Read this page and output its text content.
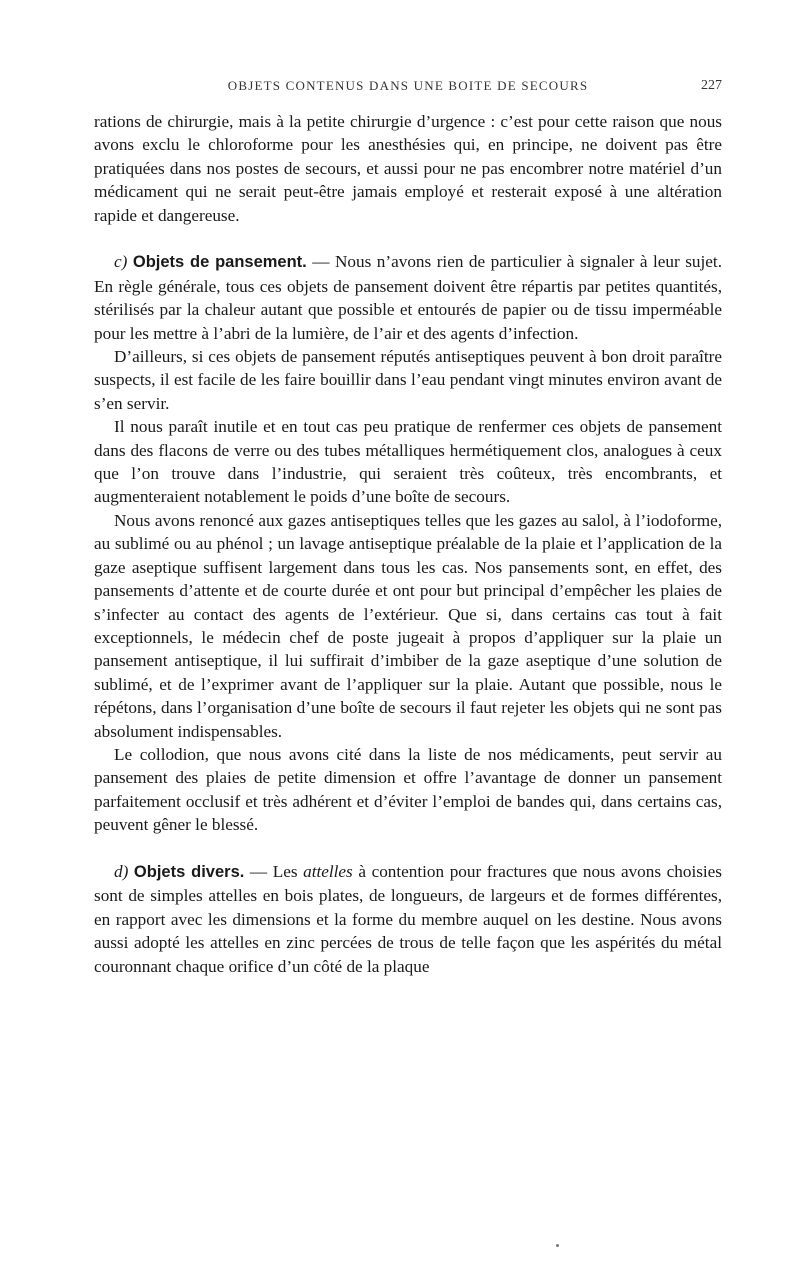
OBJETS CONTENUS DANS UNE BOITE DE SECOURS	227

rations de chirurgie, mais à la petite chirurgie d’urgence : c’est pour cette raison que nous avons exclu le chloroforme pour les anesthésies qui, en principe, ne doivent pas être pratiquées dans nos postes de secours, et aussi pour ne pas encombrer notre matériel d’un médicament qui ne serait peut-être jamais employé et resterait exposé à une altération rapide et dangereuse.

c) Objets de pansement. — Nous n’avons rien de particulier à signaler à leur sujet. En règle générale, tous ces objets de pansement doivent être répartis par petites quantités, stérilisés par la chaleur autant que possible et entourés de papier ou de tissu imperméable pour les mettre à l’abri de la lumière, de l’air et des agents d’infection.

D’ailleurs, si ces objets de pansement réputés antiseptiques peuvent à bon droit paraître suspects, il est facile de les faire bouillir dans l’eau pendant vingt minutes environ avant de s’en servir.

Il nous paraît inutile et en tout cas peu pratique de renfermer ces objets de pansement dans des flacons de verre ou des tubes métalliques hermétiquement clos, analogues à ceux que l’on trouve dans l’industrie, qui seraient très coûteux, très encombrants, et augmenteraient notablement le poids d’une boîte de secours.

Nous avons renoncé aux gazes antiseptiques telles que les gazes au salol, à l’iodoforme, au sublimé ou au phénol ; un lavage antiseptique préalable de la plaie et l’application de la gaze aseptique suffisent largement dans tous les cas. Nos pansements sont, en effet, des pansements d’attente et de courte durée et ont pour but principal d’empêcher les plaies de s’infecter au contact des agents de l’extérieur. Que si, dans certains cas tout à fait exceptionnels, le médecin chef de poste jugeait à propos d’appliquer sur la plaie un pansement antiseptique, il lui suffirait d’imbiber de la gaze aseptique d’une solution de sublimé, et de l’exprimer avant de l’appliquer sur la plaie. Autant que possible, nous le répétons, dans l’organisation d’une boîte de secours il faut rejeter les objets qui ne sont pas absolument indispensables.

Le collodion, que nous avons cité dans la liste de nos médicaments, peut servir au pansement des plaies de petite dimension et offre l’avantage de donner un pansement parfaitement occlusif et très adhérent et d’éviter l’emploi de bandes qui, dans certains cas, peuvent gêner le blessé.

d) Objets divers. — Les attelles à contention pour fractures que nous avons choisies sont de simples attelles en bois plates, de longueurs, de largeurs et de formes différentes, en rapport avec les dimensions et la forme du membre auquel on les destine. Nous avons aussi adopté les attelles en zinc percées de trous de telle façon que les aspérités du métal couronnant chaque orifice d’un côté de la plaque
